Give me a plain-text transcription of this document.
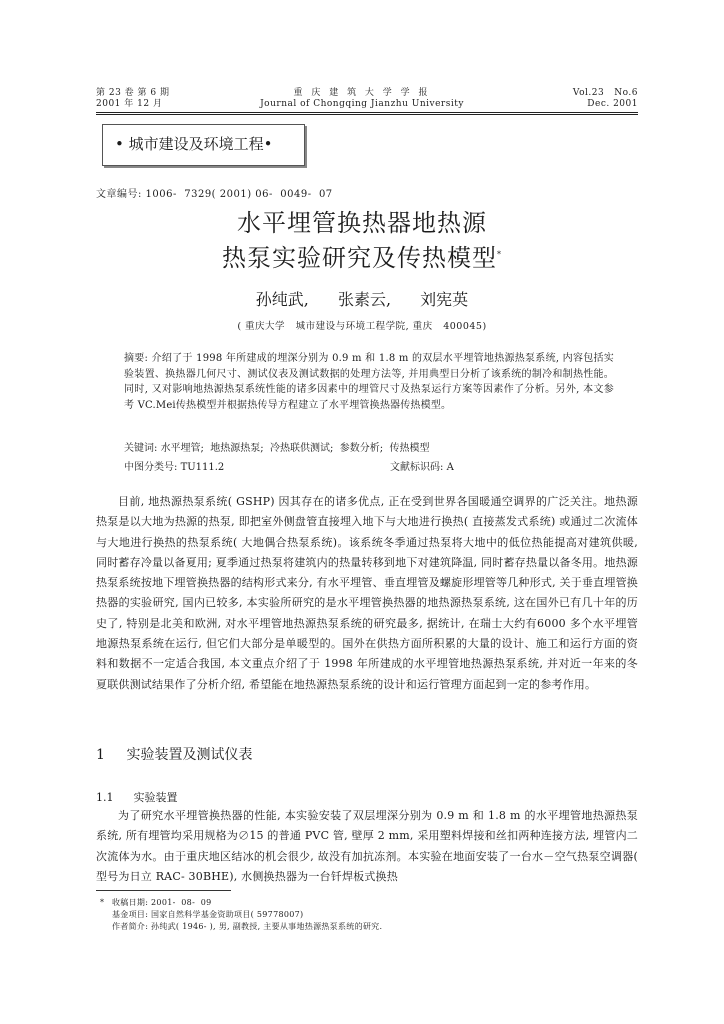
第 23 卷 第 6 期
2001 年 12 月
重 庆 建 筑 大 学 学 报
Journal of Chongqing Jianzhu University
Vol.23   No.6
Dec. 2001
• 城市建设及环境工程•
文章编号: 1006-  7329( 2001) 06-  0049-  07
水平埋管换热器地热源
热泵实验研究及传热模型*
孙纯武, 张素云, 刘宪英
( 重庆大学   城市建设与环境工程学院, 重庆   400045)
摘要: 介绍了于 1998 年所建成的埋深分别为 0.9 m 和 1.8 m 的双层水平埋管地热源热泵系统, 内容包括实验装置、换热器几何尺寸、测试仪表及测试数据的处理方法等, 并用典型日分析了该系统的制冷和制热性能。同时, 又对影响地热源热泵系统性能的诸多因素中的埋管尺寸及热泵运行方案等因素作了分析。另外, 本文参考 VC.Mei传热模型并根据热传导方程建立了水平埋管换热器传热模型。
关键词: 水平埋管;  地热源热泵;  冷热联供测试;  参数分析;  传热模型
中图分类号: TU111.2	文献标识码: A
目前, 地热源热泵系统( GSHP) 因其存在的诸多优点, 正在受到世界各国暖通空调界的广泛关注。地热源热泵是以大地为热源的热泵, 即把室外侧盘管直接埋入地下与大地进行换热( 直接蒸发式系统) 或通过二次流体与大地进行换热的热泵系统( 大地偶合热泵系统)。该系统冬季通过热泵将大地中的低位热能提高对建筑供暖, 同时蓄存冷量以备夏用; 夏季通过热泵将建筑内的热量转移到地下对建筑降温, 同时蓄存热量以备冬用。地热源热泵系统按地下埋管换热器的结构形式来分, 有水平埋管、垂直埋管及螺旋形埋管等几种形式, 关于垂直埋管换热器的实验研究, 国内已较多, 本实验所研究的是水平埋管换热器的地热源热泵系统, 这在国外已有几十年的历史了, 特别是北美和欧洲, 对水平埋管地热源热泵系统的研究最多, 据统计, 在瑞士大约有6000 多个水平埋管地源热泵系统在运行, 但它们大部分是单暖型的。国外在供热方面所积累的大量的设计、施工和运行方面的资料和数据不一定适合我国, 本文重点介绍了于 1998 年所建成的水平埋管地热源热泵系统, 并对近一年来的冬夏联供测试结果作了分析介绍, 希望能在地热源热泵系统的设计和运行管理方面起到一定的参考作用。
1 实验装置及测试仪表
1.1 实验装置
为了研究水平埋管换热器的性能, 本实验安装了双层埋深分别为 0.9 m 和 1.8 m 的水平埋管地热源热泵系统, 所有埋管均采用规格为∅15 的普通 PVC 管, 壁厚 2 mm, 采用塑料焊接和丝扣两种连接方法, 埋管内二次流体为水。由于重庆地区结冰的机会很少, 故没有加抗冻剂。本实验在地面安装了一台水－空气热泵空调器( 型号为日立 RAC- 30BHE), 水侧换热器为一台钎焊板式换热
* 收稿日期: 2001-  08-  09
基金项目: 国家自然科学基金资助项目( 59778007)
作者简介: 孙纯武( 1946- ), 男, 副教授, 主要从事地热源热泵系统的研究.
